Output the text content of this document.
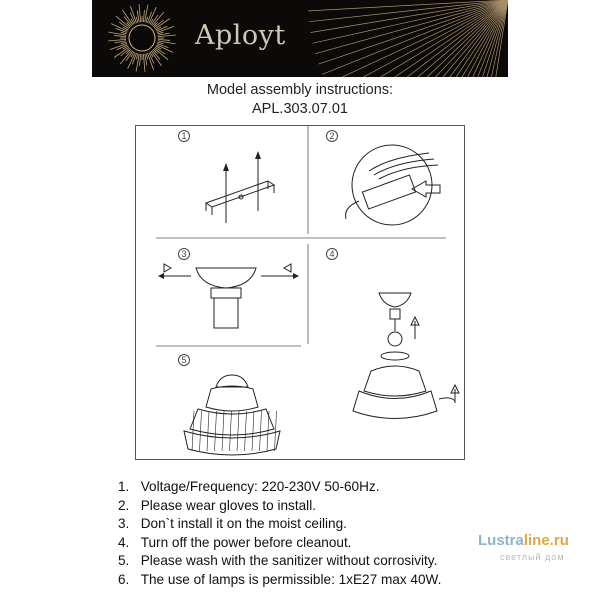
Aployt
Model assembly instructions:
APL.303.07.01
1	2
3	4
5
1. Voltage/Frequency: 220-230V 50-60Hz.
2. Please wear gloves to install.
3. Don`t install it on the moist ceiling.
4. Turn off the power before cleanout.
5. Please wash with the sanitizer without corrosivity.
6. The use of lamps is permissible: 1xE27 max 40W.
Lustraline.ru
светлый дом
